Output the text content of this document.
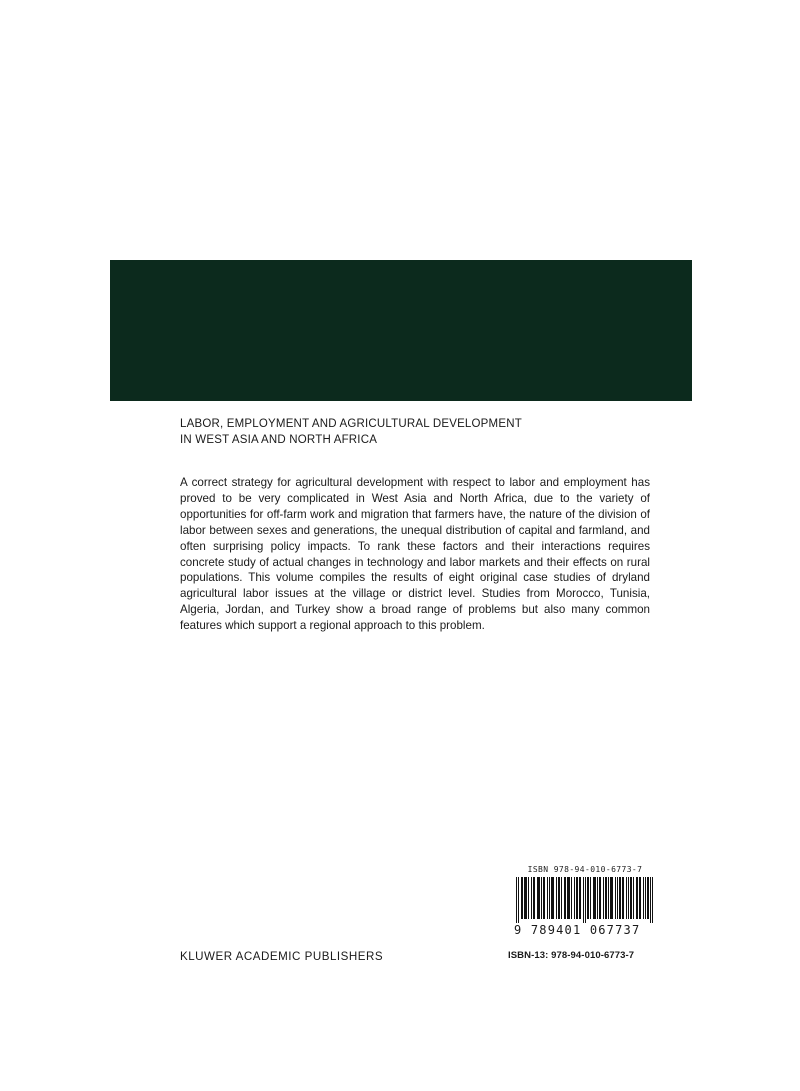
LABOR, EMPLOYMENT AND AGRICULTURAL DEVELOPMENT
IN WEST ASIA AND NORTH AFRICA
A correct strategy for agricultural development with respect to labor and employment has proved to be very complicated in West Asia and North Africa, due to the variety of opportunities for off-farm work and migration that farmers have, the nature of the division of labor between sexes and generations, the unequal distribution of capital and farmland, and often surprising policy impacts. To rank these factors and their interactions requires concrete study of actual changes in technology and labor markets and their effects on rural populations. This volume compiles the results of eight original case studies of dryland agricultural labor issues at the village or district level. Studies from Morocco, Tunisia, Algeria, Jordan, and Turkey show a broad range of problems but also many common features which support a regional approach to this problem.
ISBN 978-94-010-6773-7
9 789401 067737
KLUWER ACADEMIC PUBLISHERS	ISBN-13: 978-94-010-6773-7
